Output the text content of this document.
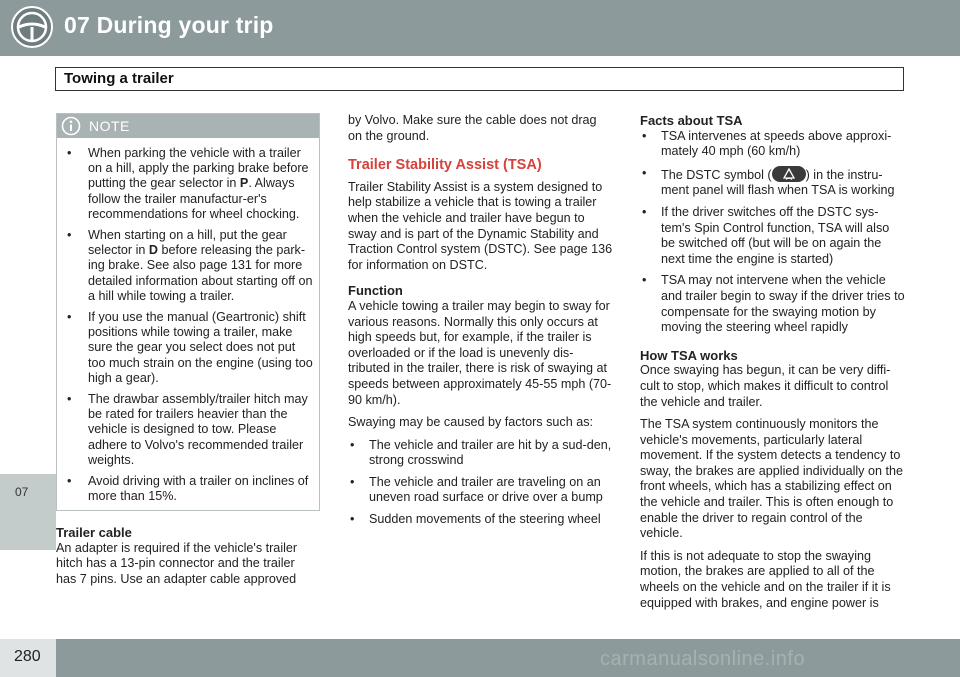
07 During your trip
Towing a trailer
07
NOTE
• When parking the vehicle with a trailer on a hill, apply the parking brake before putting the gear selector in P. Always follow the trailer manufactur-er's recommendations for wheel chocking.
• When starting on a hill, put the gear selector in D before releasing the park-ing brake. See also page 131 for more detailed information about starting off on a hill while towing a trailer.
• If you use the manual (Geartronic) shift positions while towing a trailer, make sure the gear you select does not put too much strain on the engine (using too high a gear).
• The drawbar assembly/trailer hitch may be rated for trailers heavier than the vehicle is designed to tow. Please adhere to Volvo's recommended trailer weights.
• Avoid driving with a trailer on inclines of more than 15%.
Trailer cable

An adapter is required if the vehicle's trailer hitch has a 13-pin connector and the trailer has 7 pins. Use an adapter cable approved

by Volvo. Make sure the cable does not drag on the ground.

Trailer Stability Assist (TSA)

Trailer Stability Assist is a system designed to help stabilize a vehicle that is towing a trailer when the vehicle and trailer have begun to sway and is part of the Dynamic Stability and Traction Control system (DSTC). See page 136 for information on DSTC.

Function

A vehicle towing a trailer may begin to sway for various reasons. Normally this only occurs at high speeds but, for example, if the trailer is overloaded or if the load is unevenly dis-tributed in the trailer, there is risk of swaying at speeds between approximately 45-55 mph (70-90 km/h).

Swaying may be caused by factors such as:

• The vehicle and trailer are hit by a sud-den, strong crosswind
• The vehicle and trailer are traveling on an uneven road surface or drive over a bump
• Sudden movements of the steering wheel
Facts about TSA
• TSA intervenes at speeds above approxi-mately 40 mph (60 km/h)
• The DSTC symbol (	) in the instru-ment panel will flash when TSA is working
• If the driver switches off the DSTC sys-tem's Spin Control function, TSA will also be switched off (but will be on again the next time the engine is started)
• TSA may not intervene when the vehicle and trailer begin to sway if the driver tries to compensate for the swaying motion by moving the steering wheel rapidly
How TSA works

Once swaying has begun, it can be very diffi-cult to stop, which makes it difficult to control the vehicle and trailer.

The TSA system continuously monitors the vehicle's movements, particularly lateral movement. If the system detects a tendency to sway, the brakes are applied individually on the front wheels, which has a stabilizing effect on the vehicle and trailer. This is often enough to enable the driver to regain control of the vehicle.

If this is not adequate to stop the swaying motion, the brakes are applied to all of the wheels on the vehicle and on the trailer if it is equipped with brakes, and engine power is

280	carmanualsonline.info
